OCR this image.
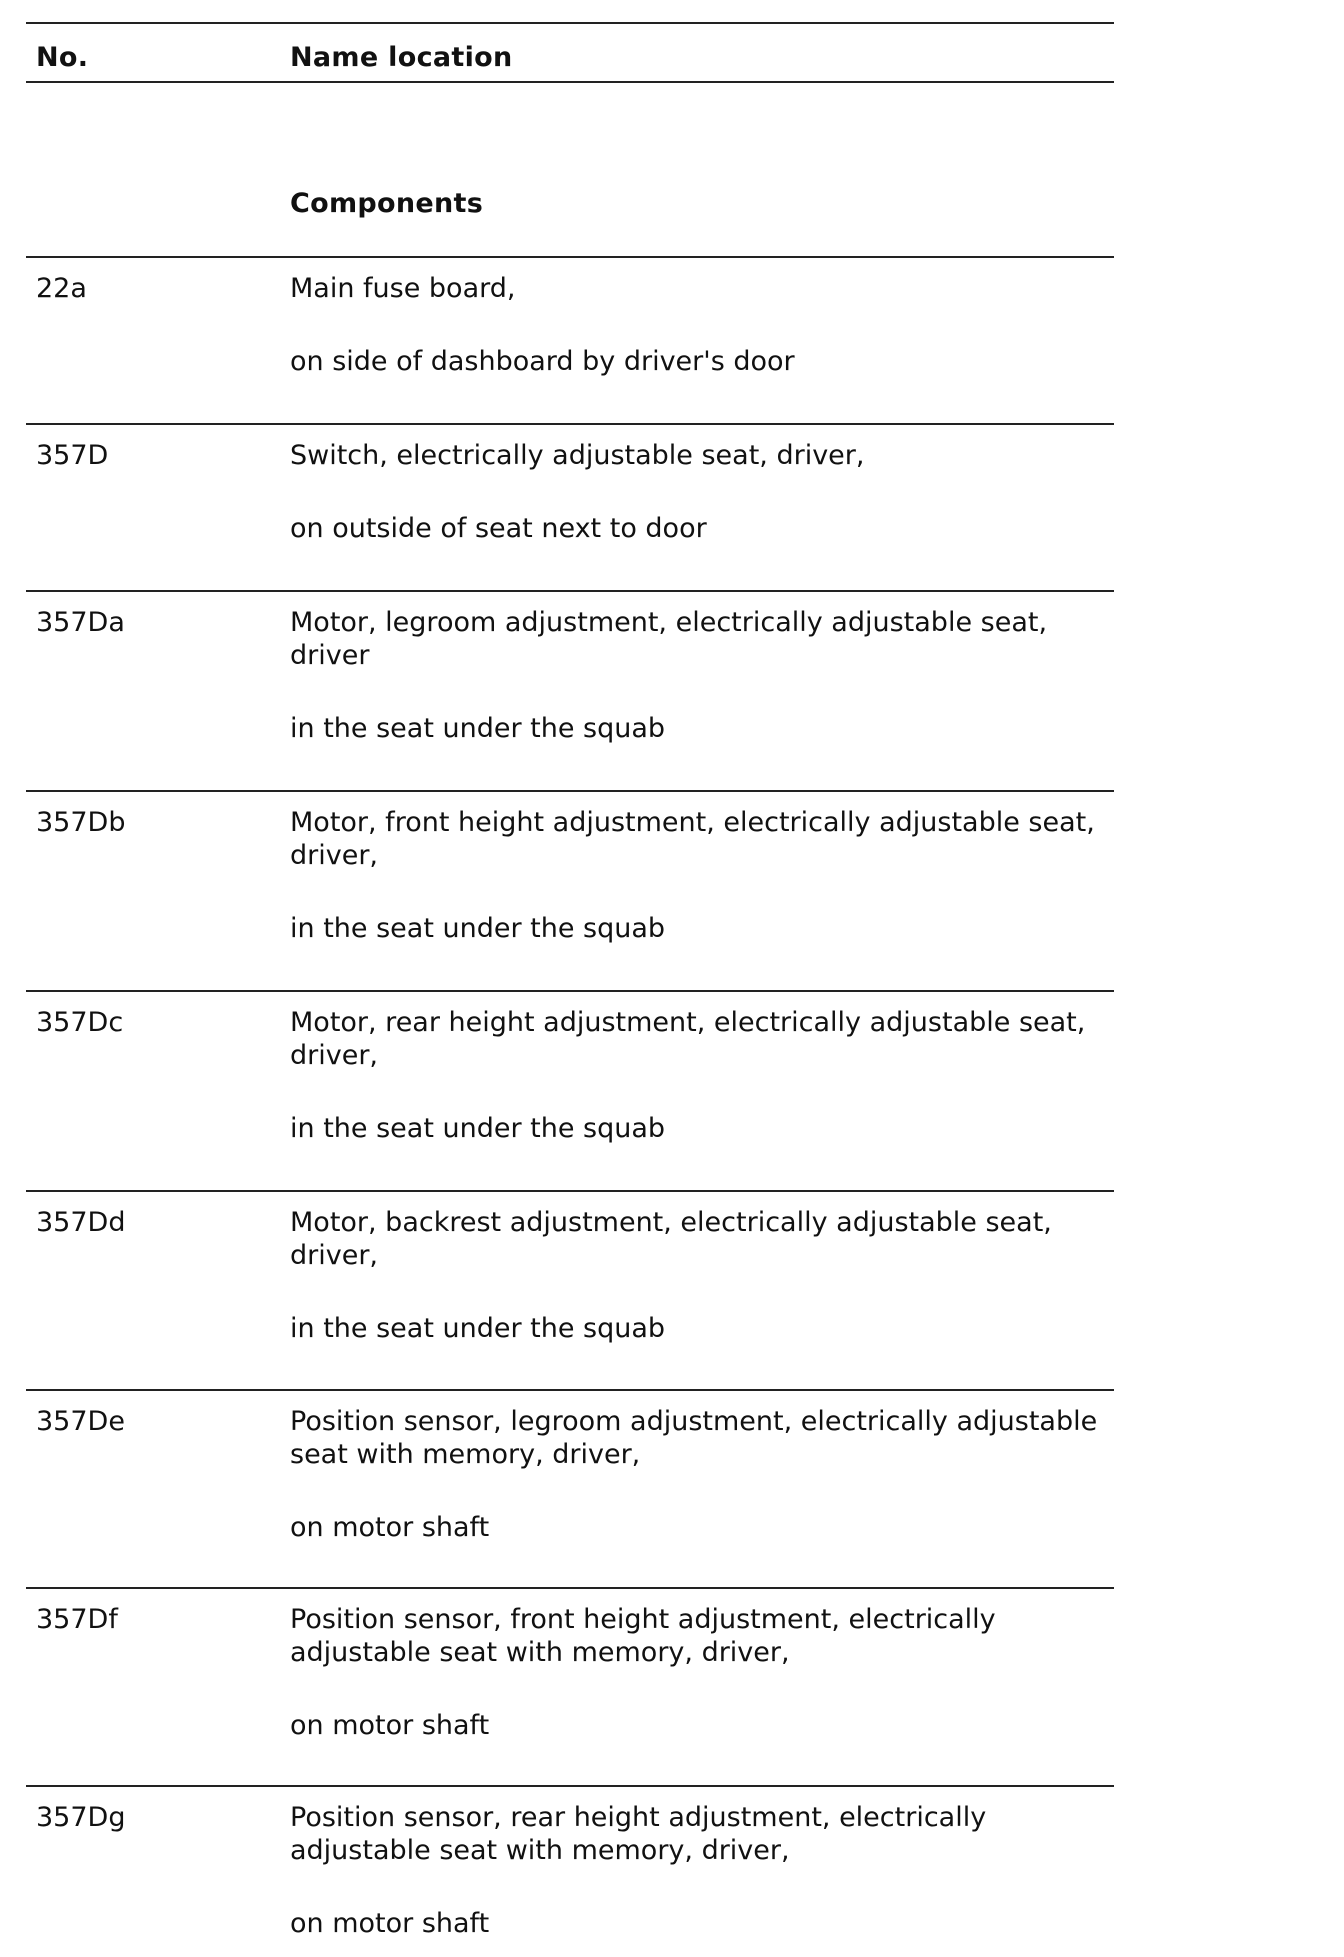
No.	Name location
Components
22a	Main fuse board,
on side of dashboard by driver's door
357D	Switch, electrically adjustable seat, driver,
on outside of seat next to door
357Da	Motor, legroom adjustment, electrically adjustable seat, driver
in the seat under the squab
357Db	Motor, front height adjustment, electrically adjustable seat, driver,
in the seat under the squab
357Dc	Motor, rear height adjustment, electrically adjustable seat, driver,
in the seat under the squab
357Dd	Motor, backrest adjustment, electrically adjustable seat, driver,
in the seat under the squab
357De	Position sensor, legroom adjustment, electrically adjustable seat with memory, driver,
on motor shaft
357Df	Position sensor, front height adjustment, electrically adjustable seat with memory, driver,
on motor shaft
357Dg	Position sensor, rear height adjustment, electrically adjustable seat with memory, driver,
on motor shaft
